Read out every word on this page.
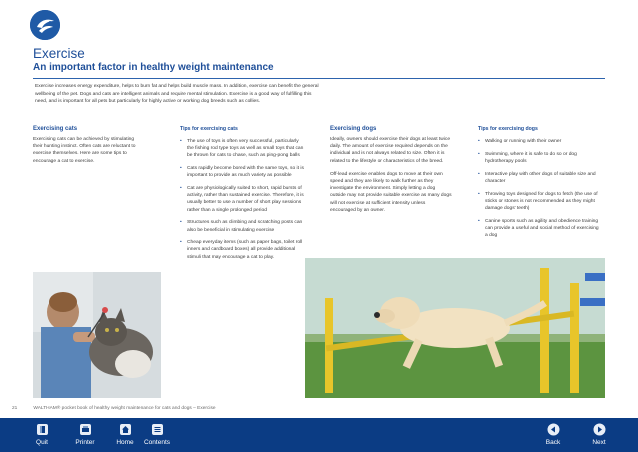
Exercise
An important factor in healthy weight maintenance
Exercise increases energy expenditure, helps to burn fat and helps build muscle mass. In addition, exercise can benefit the general wellbeing of the pet. Dogs and cats are intelligent animals and require mental stimulation. Exercise is a good way of fulfilling this need, and is important for all pets but particularly for highly active or working dog breeds such as collies.
Exercising cats

Exercising cats can be achieved by stimulating their hunting instinct. Often cats are reluctant to exercise themselves. Here are some tips to encourage a cat to exercise.

Tips for exercising cats
• The use of toys is often very successful, particularly the fishing rod type toys as well as small toys that can be thrown for cats to chase, such as ping-pong balls
• Cats rapidly become bored with the same toys, so it is important to provide as much variety as possible
• Cat are physiologically suited to short, rapid bursts of activity, rather than sustained exercise. Therefore, it is usually better to use a number of short play sessions rather than a single prolonged period
• Structures such as climbing and scratching posts can also be beneficial in stimulating exercise
• Cheap everyday items (such as paper bags, toilet roll inners and cardboard boxes) all provide additional stimuli that may encourage a cat to play.
Exercising dogs

Ideally, owners should exercise their dogs at least twice daily. The amount of exercise required depends on the individual and is not always related to size. Often it is related to the lifestyle or characteristics of the breed.

Off-lead exercise enables dogs to move at their own speed and they are likely to walk further as they investigate the environment. Simply letting a dog outside may not provide suitable exercise as many dogs will not exercise at sufficient intensity unless encouraged by an owner.

Tips for exercising dogs
• Walking or running with their owner
• Swimming, where it is safe to do so or dog hydrotherapy pools
• Interactive play with other dogs of suitable size and character
• Throwing toys designed for dogs to fetch (the use of sticks or stones is not recommended as they might damage dogs' teeth)
• Canine sports such as agility and obedience training can provide a useful and social method of exercising a dog
21	WALTHAM® pocket book of healthy weight maintenance for cats and dogs – Exercise
Quit	Printer	Home Contents	Back	Next
